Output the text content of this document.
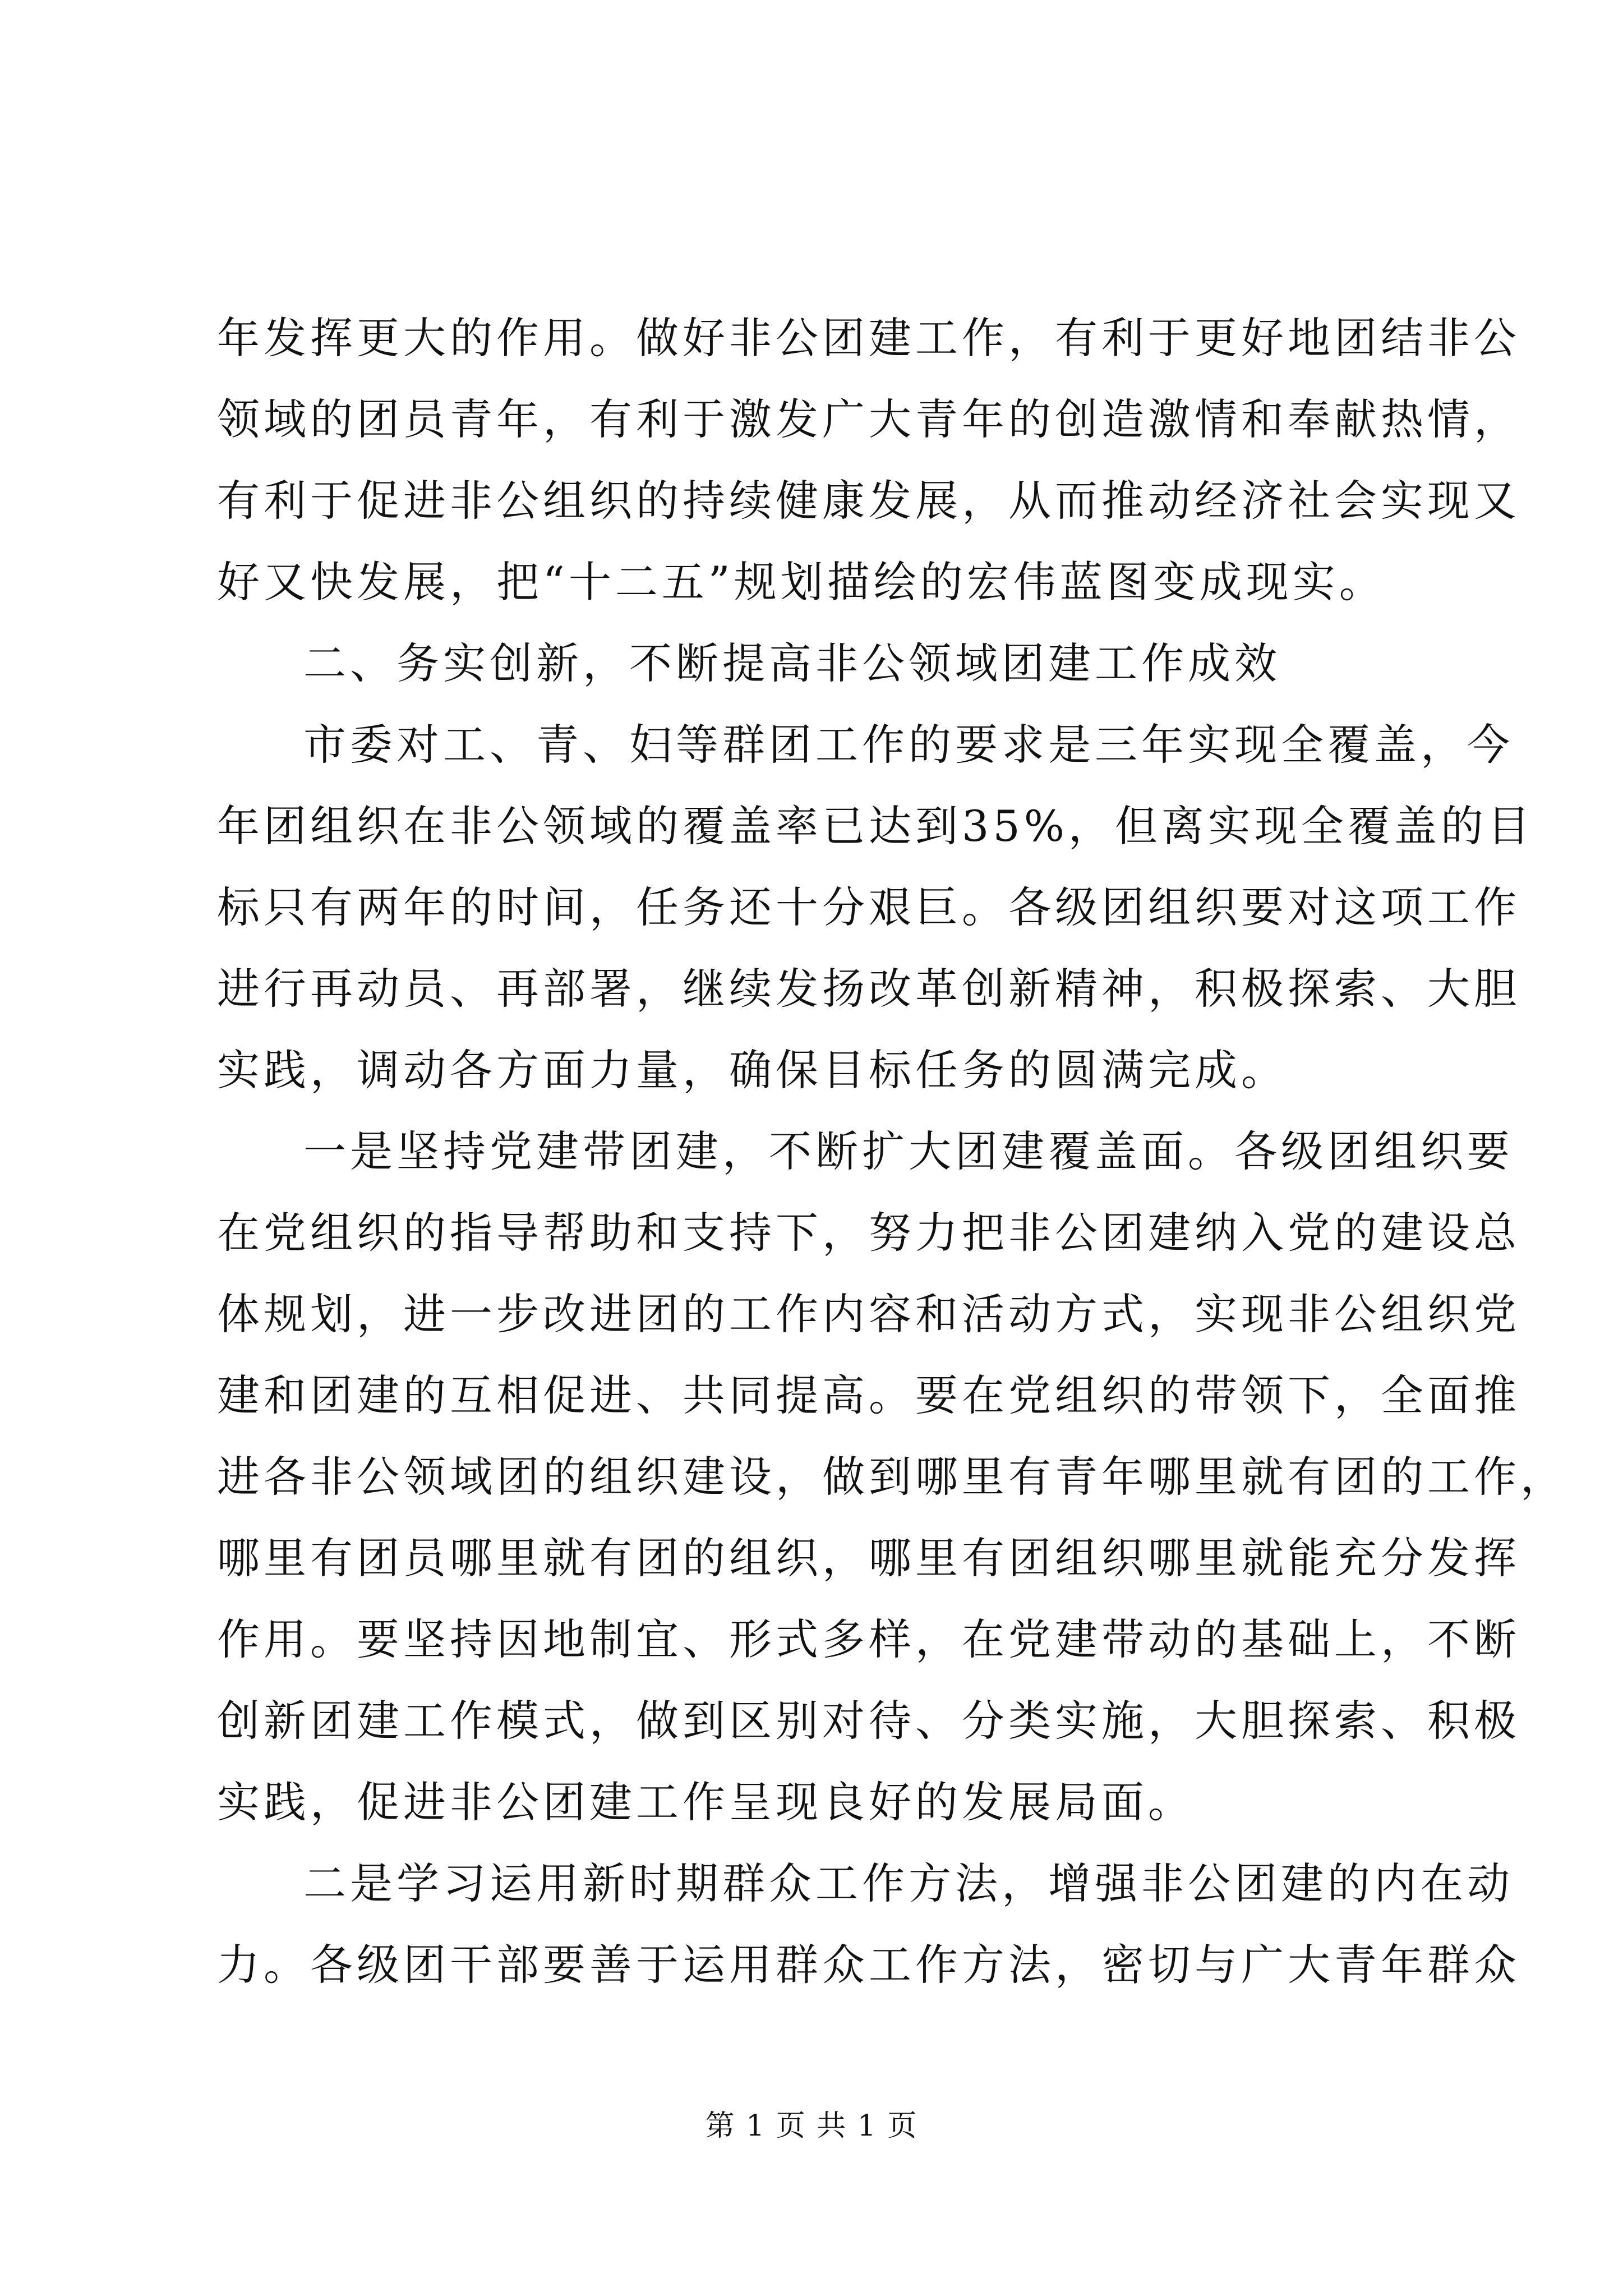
年发挥更大的作用。做好非公团建工作，有利于更好地团结非公
领域的团员青年，有利于激发广大青年的创造激情和奉献热情，
有利于促进非公组织的持续健康发展，从而推动经济社会实现又
好又快发展，把“十二五”规划描绘的宏伟蓝图变成现实。
二、务实创新，不断提高非公领域团建工作成效
市委对工、青、妇等群团工作的要求是三年实现全覆盖，今
年团组织在非公领域的覆盖率已达到35%，但离实现全覆盖的目
标只有两年的时间，任务还十分艰巨。各级团组织要对这项工作
进行再动员、再部署，继续发扬改革创新精神，积极探索、大胆
实践，调动各方面力量，确保目标任务的圆满完成。
一是坚持党建带团建，不断扩大团建覆盖面。各级团组织要
在党组织的指导帮助和支持下，努力把非公团建纳入党的建设总
体规划，进一步改进团的工作内容和活动方式，实现非公组织党
建和团建的互相促进、共同提高。要在党组织的带领下，全面推
进各非公领域团的组织建设，做到哪里有青年哪里就有团的工作，
哪里有团员哪里就有团的组织，哪里有团组织哪里就能充分发挥
作用。要坚持因地制宜、形式多样，在党建带动的基础上，不断
创新团建工作模式，做到区别对待、分类实施，大胆探索、积极
实践，促进非公团建工作呈现良好的发展局面。
二是学习运用新时期群众工作方法，增强非公团建的内在动
力。各级团干部要善于运用群众工作方法，密切与广大青年群众
第 1 页 共 1 页
